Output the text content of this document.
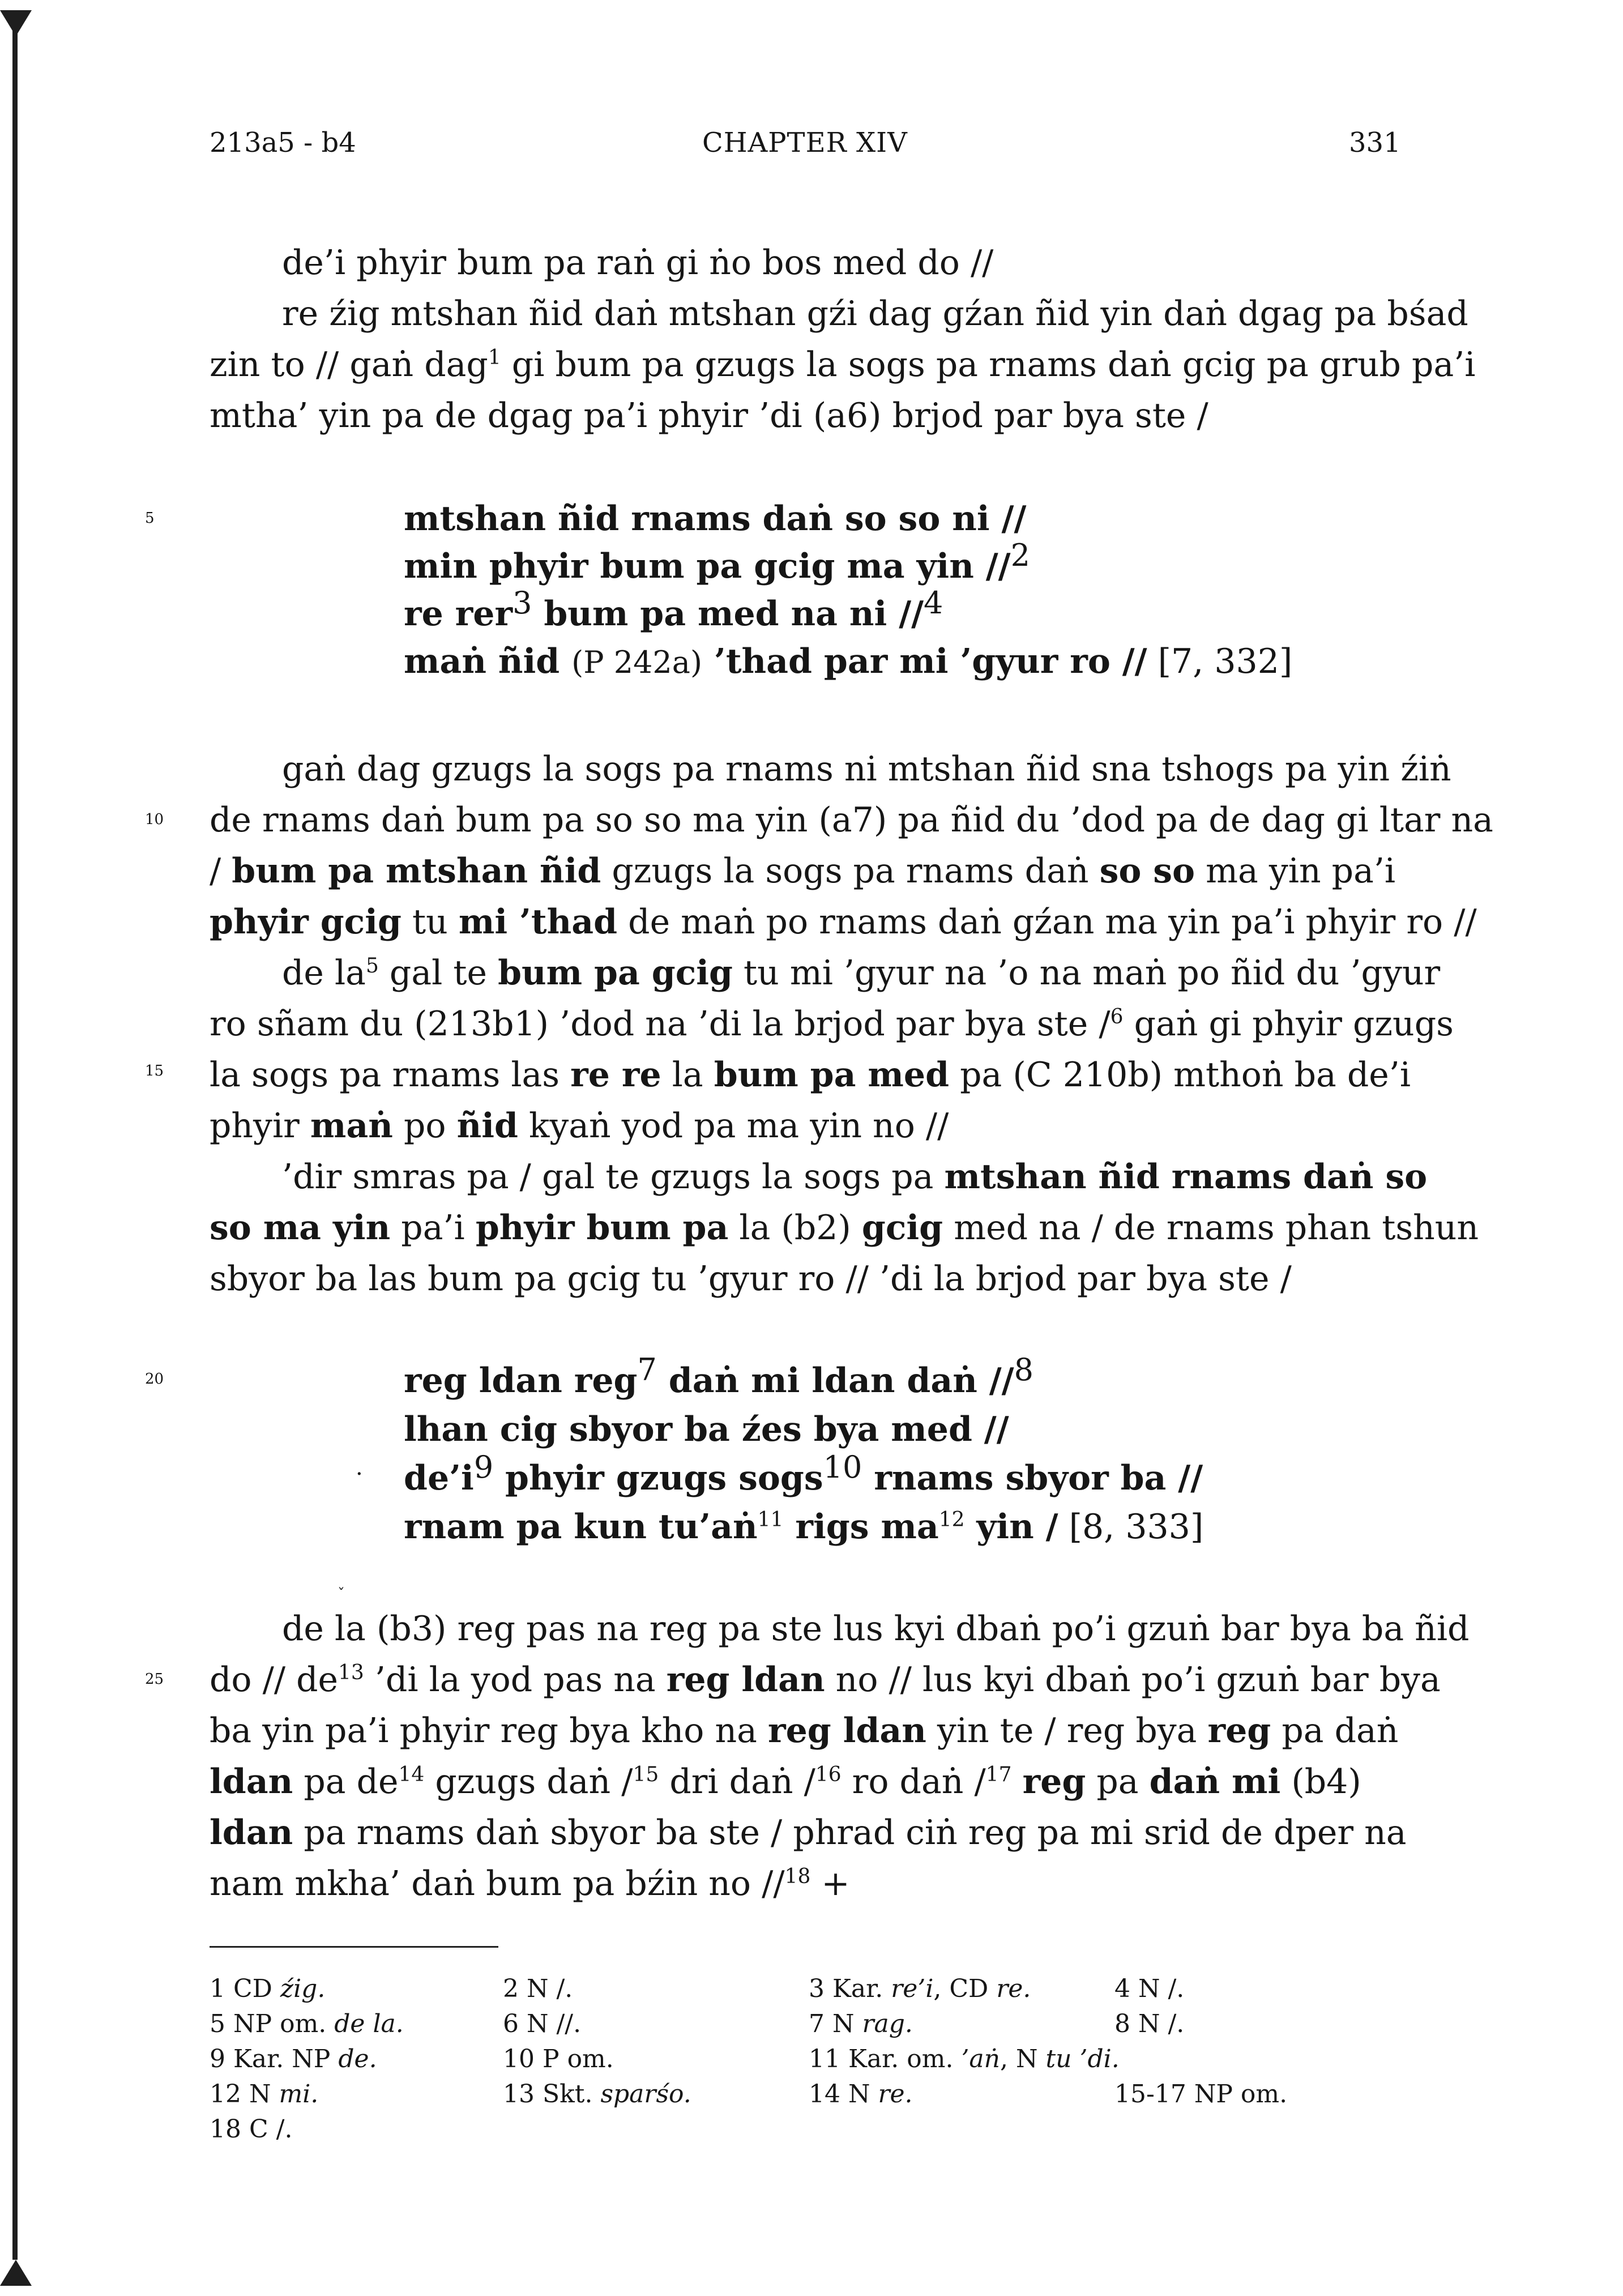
213a5 - b4	CHAPTER XIV	331
5
10
15
20
25
de’i phyir bum pa raṅ gi ṅo bos med do //
re źig mtshan ñid daṅ mtshan gźi dag gźan ñid yin daṅ dgag pa bśad
zin to // gaṅ dag$^1$ gi bum pa gzugs la sogs pa rnams daṅ gcig pa grub pa’i
mtha’ yin pa de dgag pa’i phyir ’di (a6) brjod par bya ste /
mtshan ñid rnams daṅ so so ni //
min phyir bum pa gcig ma yin //2
re rer3 bum pa med na ni //4
maṅ ñid (P 242a) ’thad par mi ’gyur ro // [7, 332]
gaṅ dag gzugs la sogs pa rnams ni mtshan ñid sna tshogs pa yin źiṅ
de rnams daṅ bum pa so so ma yin (a7) pa ñid du ’dod pa de dag gi ltar na
/ bum pa mtshan ñid gzugs la sogs pa rnams daṅ so so ma yin pa’i
phyir gcig tu mi ’thad de maṅ po rnams daṅ gźan ma yin pa’i phyir ro //
de $la^5$ gal te bum pa gcig tu mi ’gyur na ’o na maṅ po ñid du ’gyur
ro sñam du (213b1) ’dod na ’di la brjod par bya ste /$^6$ gaṅ gi phyir gzugs
la sogs pa rnams las re re la bum pa med pa (C 210b) mthoṅ ba de’i
phyir maṅ po ñid kyaṅ yod pa ma yin no //
’dir smras pa / gal te gzugs la sogs pa mtshan ñid rnams daṅ so
so ma yin pa’i phyir bum pa la (b2) gcig med na / de rnams phan tshun
sbyor ba las bum pa gcig tu ’gyur ro // ’di la brjod par bya ste /
reg ldan reg7 daṅ mi ldan daṅ //8
lhan cig sbyor ba źes bya med //
· de’i9 phyir gzugs sogs10 rnams sbyor ba //
rnam pa kun tu’aṅ$^{11}$ rigs $ma^{12}$ yin / [8, 333]
ˇ
de la (b3) reg pas na reg pa ste lus kyi dbaṅ po’i gzuṅ bar bya ba ñid
do // $de^{13}$ ’di la yod pas na reg ldan no // lus kyi dbaṅ po’i gzuṅ bar bya
ba yin pa’i phyir reg bya kho na reg ldan yin te / reg bya reg pa daṅ
ldan pa $de^{14}$ gzugs daṅ /$^{15}$ dri daṅ /$^{16}$ ro daṅ /$^{17}$ reg pa daṅ mi (b4)
ldan pa rnams daṅ sbyor ba ste / phrad ciṅ reg pa mi srid de dper na
nam mkha’ daṅ bum pa bźin no //$^{18}$ +
1 CD źig.	2 N /.	3 Kar. re’i, CD re.	4 N /.
5 NP om. de la.	6 N //.	7 N rag.	8 N /.
9 Kar. NP de.	10 P om.	11 Kar. om. ’aṅ, N tu ’di.
12 N mi.	13 Skt. sparśo.	14 N re.	15-17 NP om.
18 C /.
